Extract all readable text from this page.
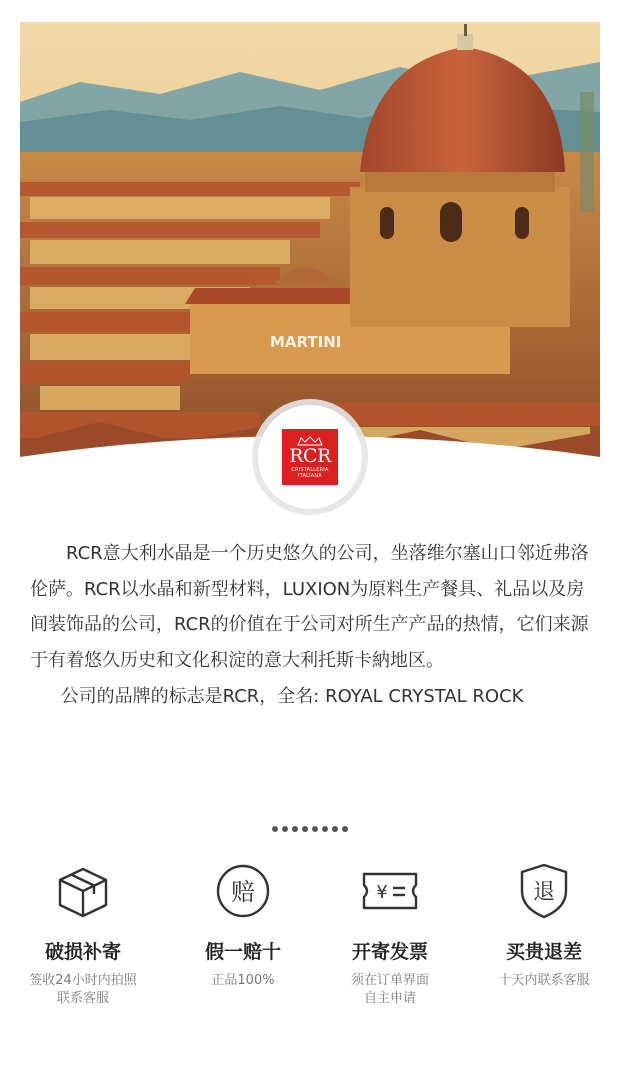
MARTINI
RCR
CRISTALLERIA
ITALIANA

RCR意大利水晶是一个历史悠久的公司，坐落维尔塞山口邻近弗洛伦萨。RCR以水晶和新型材料，LUXION为原料生产餐具、礼品以及房间装饰品的公司，RCR的价值在于公司对所生产产品的热情，它们来源于有着悠久历史和文化积淀的意大利托斯卡納地区。

公司的品牌的标志是RCR，全名: ROYAL CRYSTAL ROCK

破损补寄
签收24小时内拍照
联系客服
赔
假一赔十
正品100%
¥
开寄发票
须在订单界面
自主申请
退
买贵退差
十天内联系客服
